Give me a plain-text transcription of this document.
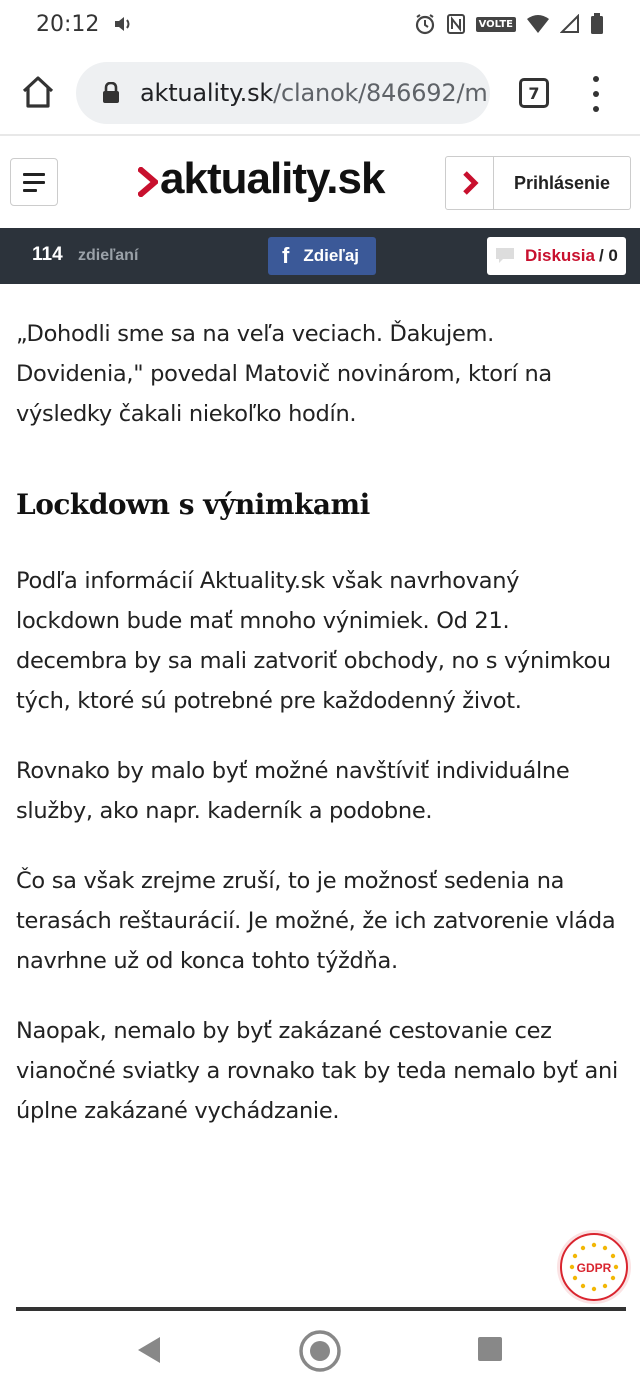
20:12	VOLTE
aktuality.sk/clanok/846692/m	7
aktuality.sk	Prihlásenie
114 zdieľaní	f Zdieľaj	Diskusia / 0

„Dohodli sme sa na veľa veciach. Ďakujem. Dovidenia," povedal Matovič novinárom, ktorí na výsledky čakali niekoľko hodín.

Lockdown s výnimkami

Podľa informácií Aktuality.sk však navrhovaný lockdown bude mať mnoho výnimiek. Od 21. decembra by sa mali zatvoriť obchody, no s výnimkou tých, ktoré sú potrebné pre každodenný život.

Rovnako by malo byť možné navštíviť individuálne služby, ako napr. kaderník a podobne.

Čo sa však zrejme zruší, to je možnosť sedenia na terasách reštaurácií. Je možné, že ich zatvorenie vláda navrhne už od konca tohto týždňa.

Naopak, nemalo by byť zakázané cestovanie cez vianočné sviatky a rovnako tak by teda nemalo byť ani úplne zakázané vychádzanie.

GDPR
